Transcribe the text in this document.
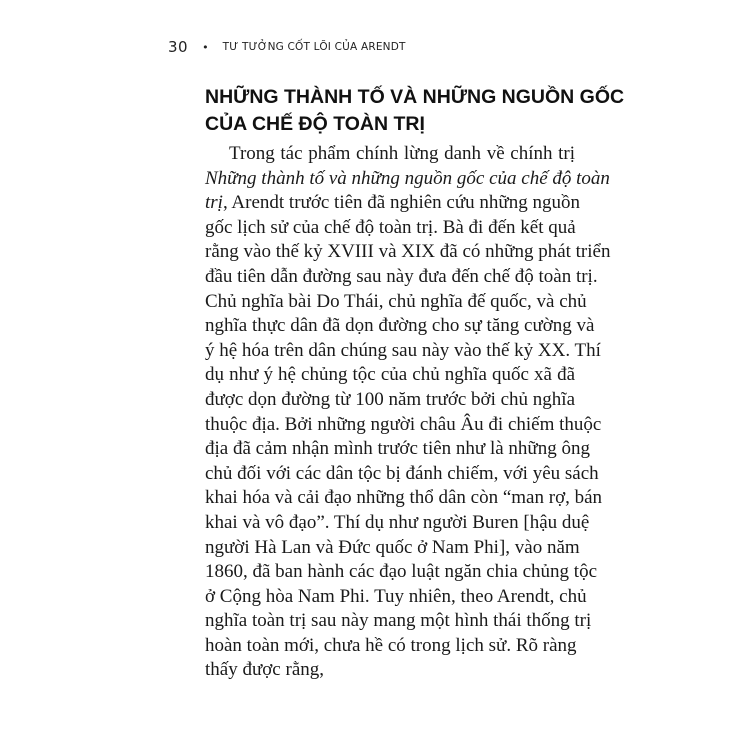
30 • TƯ TƯỞNG CỐT LÕI CỦA ARENDT
NHỮNG THÀNH TỐ VÀ NHỮNG NGUỒN GỐC
CỦA CHẾ ĐỘ TOÀN TRỊ
Trong tác phẩm chính lừng danh về chính trị
Những thành tố và những nguồn gốc của chế độ toàn
trị, Arendt trước tiên đã nghiên cứu những nguồn
gốc lịch sử của chế độ toàn trị. Bà đi đến kết quả
rằng vào thế kỷ XVIII và XIX đã có những phát triển
đầu tiên dẫn đường sau này đưa đến chế độ toàn trị.
Chủ nghĩa bài Do Thái, chủ nghĩa đế quốc, và chủ
nghĩa thực dân đã dọn đường cho sự tăng cường và
ý hệ hóa trên dân chúng sau này vào thế kỷ XX. Thí
dụ như ý hệ chủng tộc của chủ nghĩa quốc xã đã
được dọn đường từ 100 năm trước bởi chủ nghĩa
thuộc địa. Bởi những người châu Âu đi chiếm thuộc
địa đã cảm nhận mình trước tiên như là những ông
chủ đối với các dân tộc bị đánh chiếm, với yêu sách
khai hóa và cải đạo những thổ dân còn “man rợ, bán
khai và vô đạo”. Thí dụ như người Buren [hậu duệ
người Hà Lan và Đức quốc ở Nam Phi], vào năm
1860, đã ban hành các đạo luật ngăn chia chủng tộc
ở Cộng hòa Nam Phi. Tuy nhiên, theo Arendt, chủ
nghĩa toàn trị sau này mang một hình thái thống trị
hoàn toàn mới, chưa hề có trong lịch sử. Rõ ràng
thấy được rằng,
